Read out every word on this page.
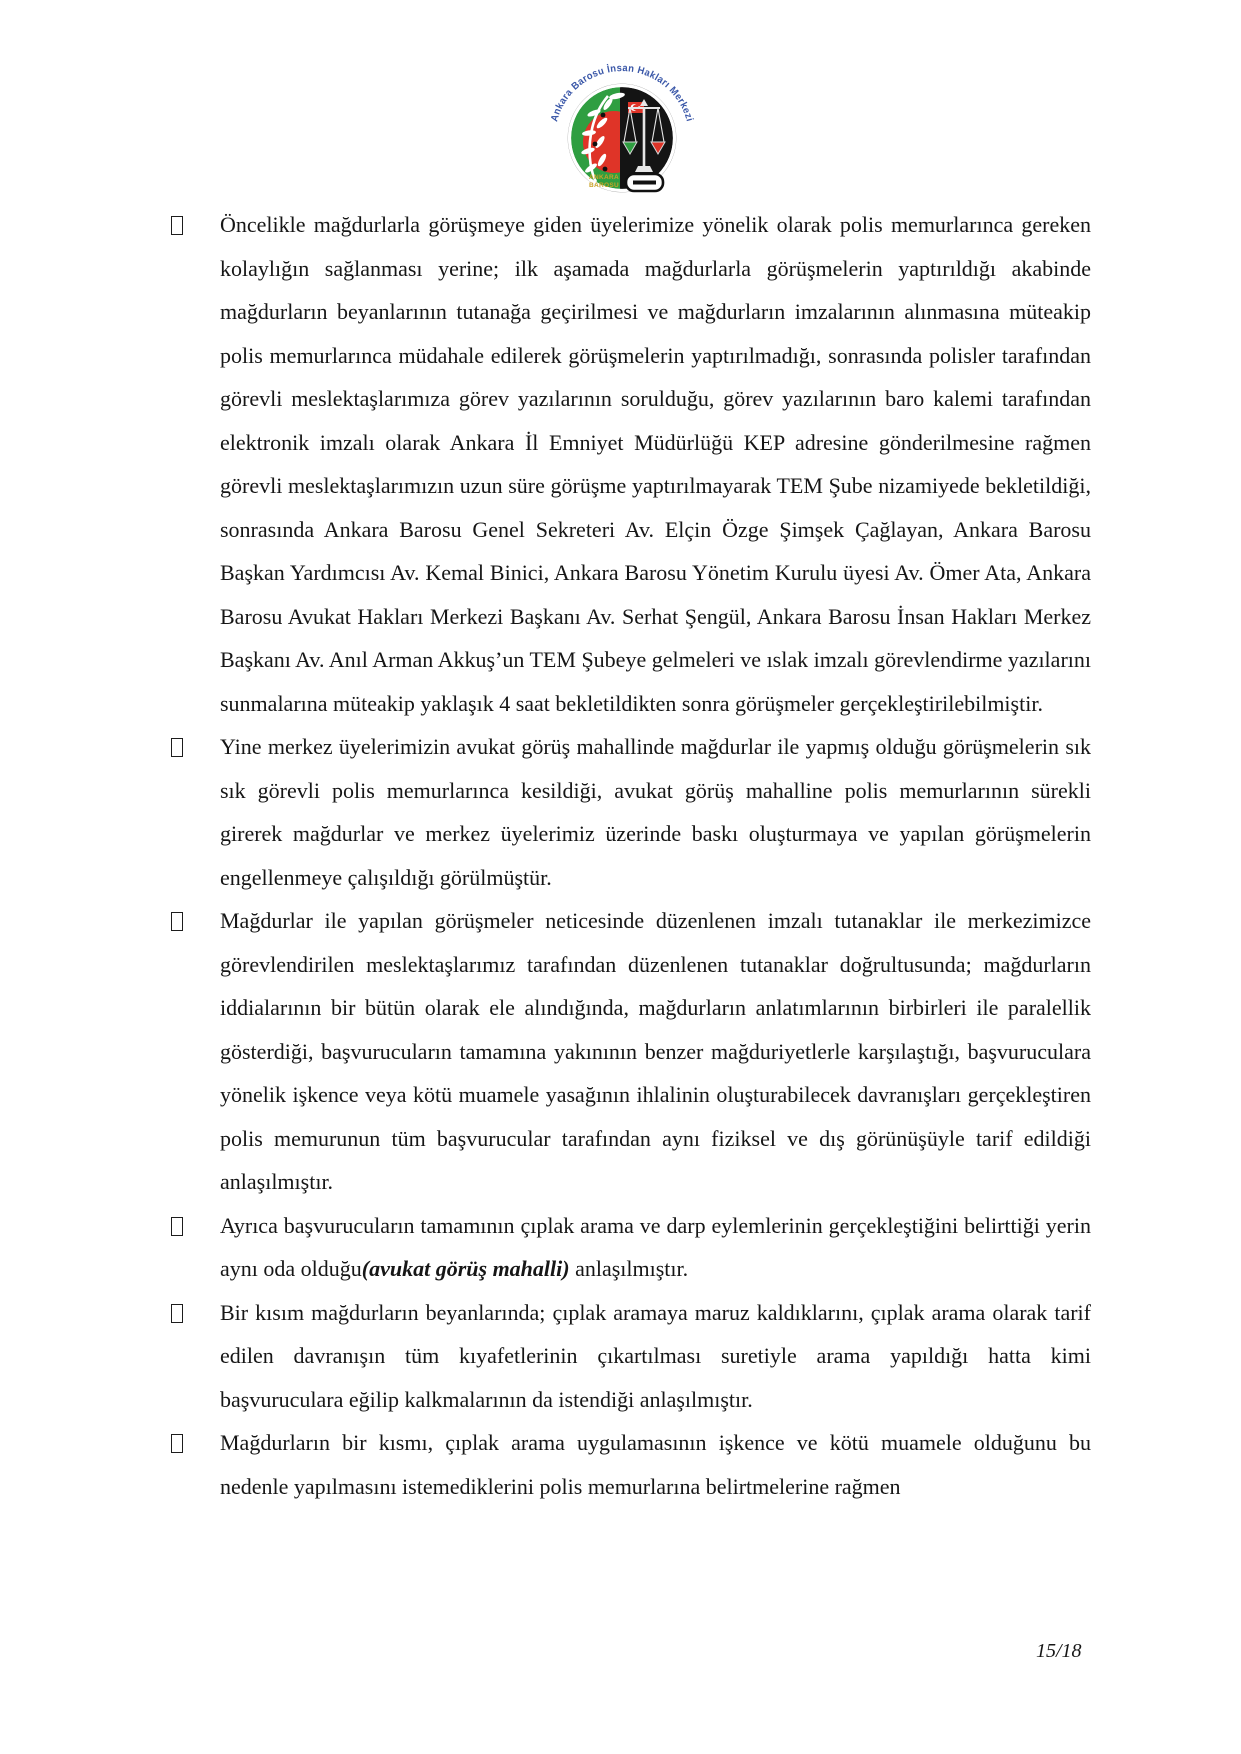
Ankara Barosu İnsan Hakları Merkezi
ANKARA
BAROSU
Öncelikle mağdurlarla görüşmeye giden üyelerimize yönelik olarak polis memurlarınca gereken kolaylığın sağlanması yerine; ilk aşamada mağdurlarla görüşmelerin yaptırıldığı akabinde mağdurların beyanlarının tutanağa geçirilmesi ve mağdurların imzalarının alınmasına müteakip polis memurlarınca müdahale edilerek görüşmelerin yaptırılmadığı, sonrasında polisler tarafından görevli meslektaşlarımıza görev yazılarının sorulduğu, görev yazılarının baro kalemi tarafından elektronik imzalı olarak Ankara İl Emniyet Müdürlüğü KEP adresine gönderilmesine rağmen görevli meslektaşlarımızın uzun süre görüşme yaptırılmayarak TEM Şube nizamiyede bekletildiği, sonrasında Ankara Barosu Genel Sekreteri Av. Elçin Özge Şimşek Çağlayan, Ankara Barosu Başkan Yardımcısı Av. Kemal Binici, Ankara Barosu Yönetim Kurulu üyesi Av. Ömer Ata, Ankara Barosu Avukat Hakları Merkezi Başkanı Av. Serhat Şengül, Ankara Barosu İnsan Hakları Merkez Başkanı Av. Anıl Arman Akkuş’un TEM Şubeye gelmeleri ve ıslak imzalı görevlendirme yazılarını sunmalarına müteakip yaklaşık 4 saat bekletildikten sonra görüşmeler gerçekleştirilebilmiştir.
Yine merkez üyelerimizin avukat görüş mahallinde mağdurlar ile yapmış olduğu görüşmelerin sık sık görevli polis memurlarınca kesildiği, avukat görüş mahalline polis memurlarının sürekli girerek mağdurlar ve merkez üyelerimiz üzerinde baskı oluşturmaya ve yapılan görüşmelerin engellenmeye çalışıldığı görülmüştür.
Mağdurlar ile yapılan görüşmeler neticesinde düzenlenen imzalı tutanaklar ile merkezimizce görevlendirilen meslektaşlarımız tarafından düzenlenen tutanaklar doğrultusunda; mağdurların iddialarının bir bütün olarak ele alındığında, mağdurların anlatımlarının birbirleri ile paralellik gösterdiği, başvurucuların tamamına yakınının benzer mağduriyetlerle karşılaştığı, başvuruculara yönelik işkence veya kötü muamele yasağının ihlalinin oluşturabilecek davranışları gerçekleştiren polis memurunun tüm başvurucular tarafından aynı fiziksel ve dış görünüşüyle tarif edildiği anlaşılmıştır.
Ayrıca başvurucuların tamamının çıplak arama ve darp eylemlerinin gerçekleştiğini belirttiği yerin aynı oda olduğu(avukat görüş mahalli) anlaşılmıştır.
Bir kısım mağdurların beyanlarında; çıplak aramaya maruz kaldıklarını, çıplak arama olarak tarif edilen davranışın tüm kıyafetlerinin çıkartılması suretiyle arama yapıldığı hatta kimi başvuruculara eğilip kalkmalarının da istendiği anlaşılmıştır.
Mağdurların bir kısmı, çıplak arama uygulamasının işkence ve kötü muamele olduğunu bu nedenle yapılmasını istemediklerini polis memurlarına belirtmelerine rağmen
15/18
